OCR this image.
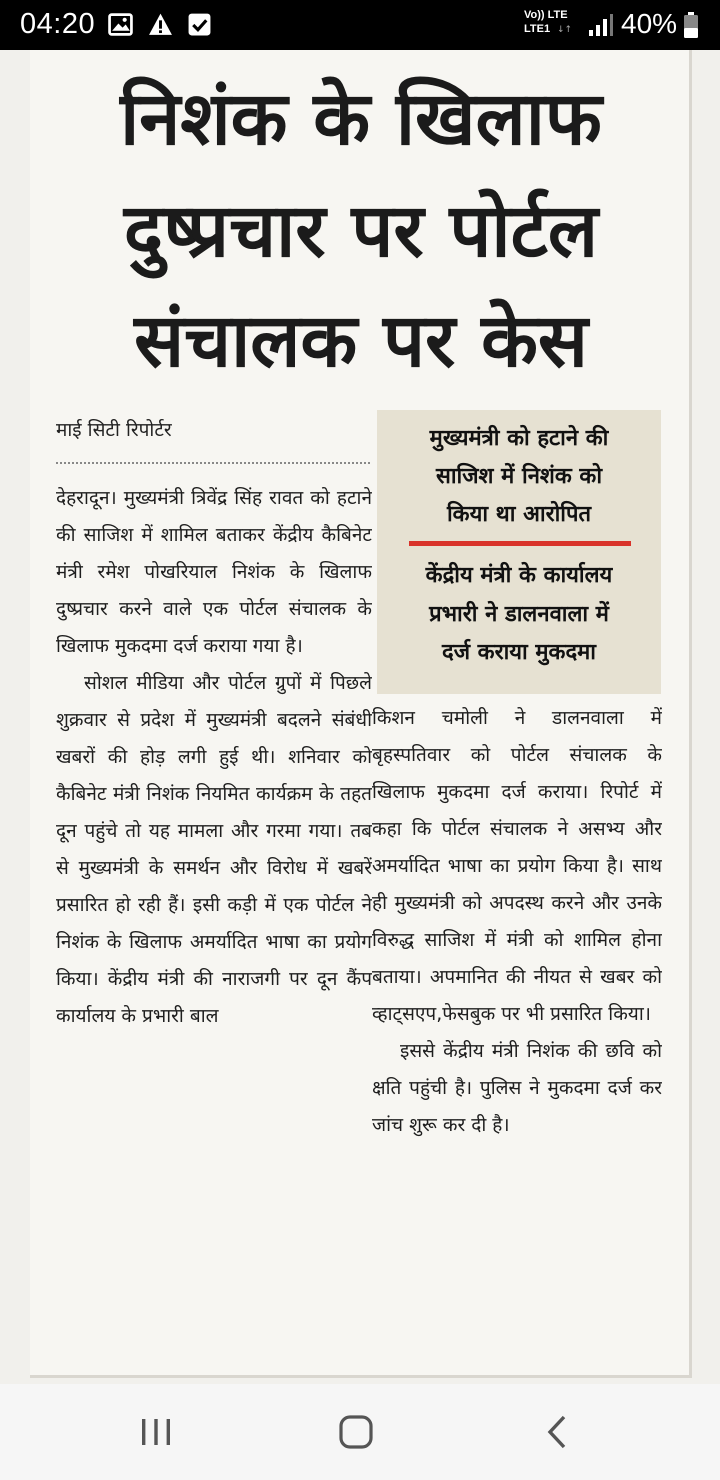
04:20	Vo)) LTE
LTE1 ↓↑ 40%
निशंक के खिलाफ
दुष्प्रचार पर पोर्टल
संचालक पर केस
माई सिटी रिपोर्टर

देहरादून। मुख्यमंत्री त्रिवेंद्र सिंह रावत को हटाने की साजिश में शामिल बताकर केंद्रीय कैबिनेट मंत्री रमेश पोखरियाल निशंक के खिलाफ दुष्प्रचार करने वाले एक पोर्टल संचालक के खिलाफ मुकदमा दर्ज कराया गया है।

सोशल मीडिया और पोर्टल ग्रुपों में पिछले शुक्रवार से प्रदेश में मुख्यमंत्री बदलने संबंधी खबरों की होड़ लगी हुई थी। शनिवार को कैबिनेट मंत्री निशंक नियमित कार्यक्रम के तहत दून पहुंचे तो यह मामला और गरमा गया। तब से मुख्यमंत्री के समर्थन और विरोध में खबरें प्रसारित हो रही हैं। इसी कड़ी में एक पोर्टल ने निशंक के खिलाफ अमर्यादित भाषा का प्रयोग किया। केंद्रीय मंत्री की नाराजगी पर दून कैंप कार्यालय के प्रभारी बाल

मुख्यमंत्री को हटाने की
साजिश में निशंक को
किया था आरोपित
केंद्रीय मंत्री के कार्यालय
प्रभारी ने डालनवाला में
दर्ज कराया मुकदमा

किशन चमोली ने डालनवाला में बृहस्पतिवार को पोर्टल संचालक के खिलाफ मुकदमा दर्ज कराया। रिपोर्ट में कहा कि पोर्टल संचालक ने असभ्य और अमर्यादित भाषा का प्रयोग किया है। साथ ही मुख्यमंत्री को अपदस्थ करने और उनके विरुद्ध साजिश में मंत्री को शामिल होना बताया। अपमानित की नीयत से खबर को व्हाट्सएप,फेसबुक पर भी प्रसारित किया।

इससे केंद्रीय मंत्री निशंक की छवि को क्षति पहुंची है। पुलिस ने मुकदमा दर्ज कर जांच शुरू कर दी है।
